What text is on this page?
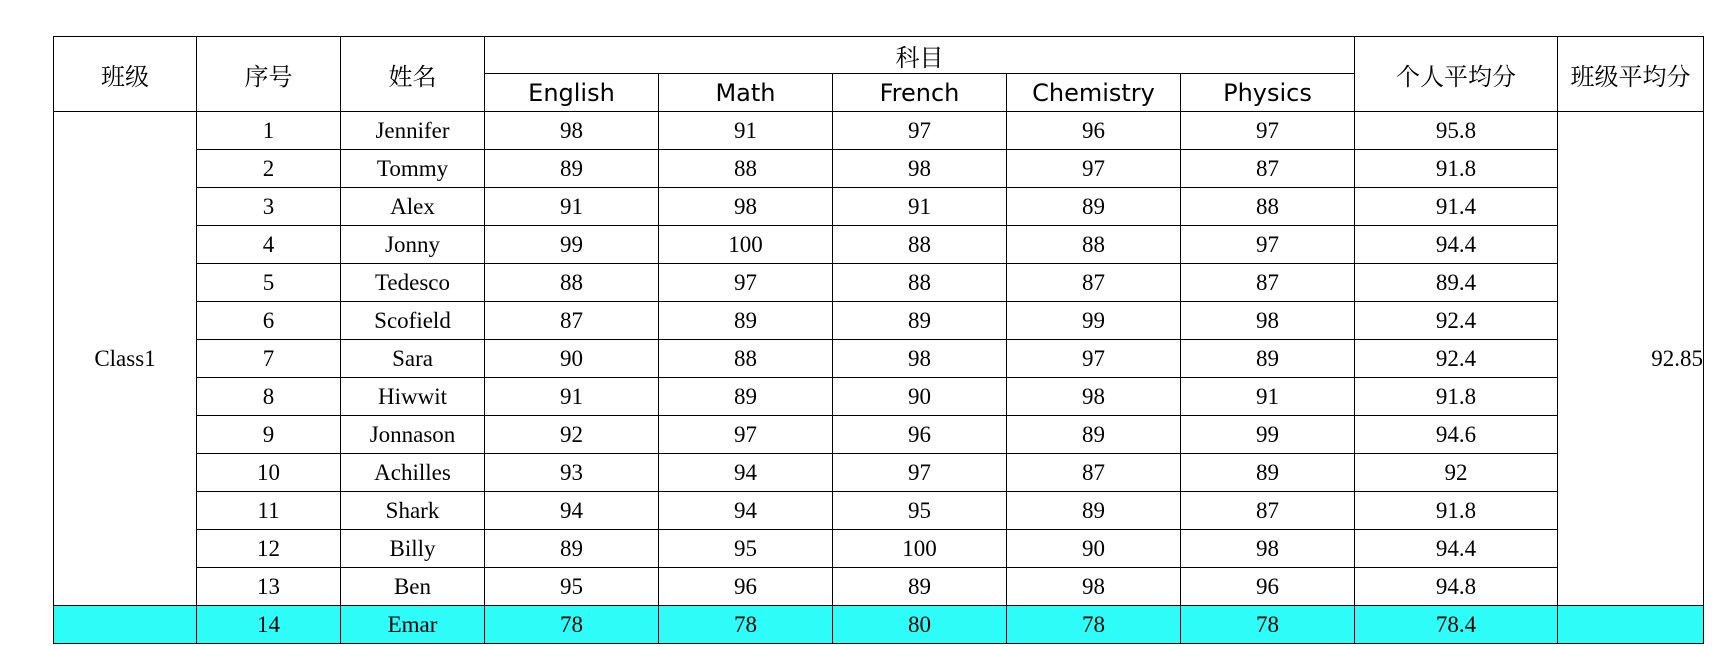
班级	序号	姓名	科目					个人平均分	班级平均分
			English	Math	French	Chemistry	Physics		
Class1	1	Jennifer	98	91	97	96	97	95.8	92.85
	2	Tommy	89	88	98	97	87	91.8	
	3	Alex	91	98	91	89	88	91.4	
	4	Jonny	99	100	88	88	97	94.4	
	5	Tedesco	88	97	88	87	87	89.4	
	6	Scofield	87	89	89	99	98	92.4	
	7	Sara	90	88	98	97	89	92.4	
	8	Hiwwit	91	89	90	98	91	91.8	
	9	Jonnason	92	97	96	89	99	94.6	
	10	Achilles	93	94	97	87	89	92	
	11	Shark	94	94	95	89	87	91.8	
	12	Billy	89	95	100	90	98	94.4	
	13	Ben	95	96	89	98	96	94.8	
	14	Emar	78	78	80	78	78	78.4	
